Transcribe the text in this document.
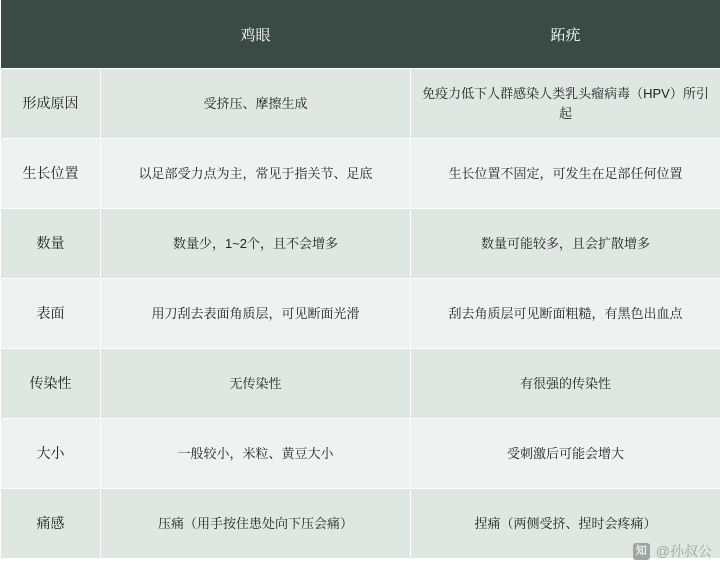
	鸡眼	跖疣
形成原因	受挤压、摩擦生成	免疫力低下人群感染人类乳头瘤病毒（HPV）所引起
生长位置	以足部受力点为主，常见于指关节、足底	生长位置不固定，可发生在足部任何位置
数量	数量少，1~2个，且不会增多	数量可能较多，且会扩散增多
表面	用刀刮去表面角质层，可见断面光滑	刮去角质层可见断面粗糙，有黑色出血点
传染性	无传染性	有很强的传染性
大小	一般较小，米粒、黄豆大小	受刺激后可能会增大
痛感	压痛（用手按住患处向下压会痛）	捏痛（两侧受挤、捏时会疼痛）
知 @孙叔公
